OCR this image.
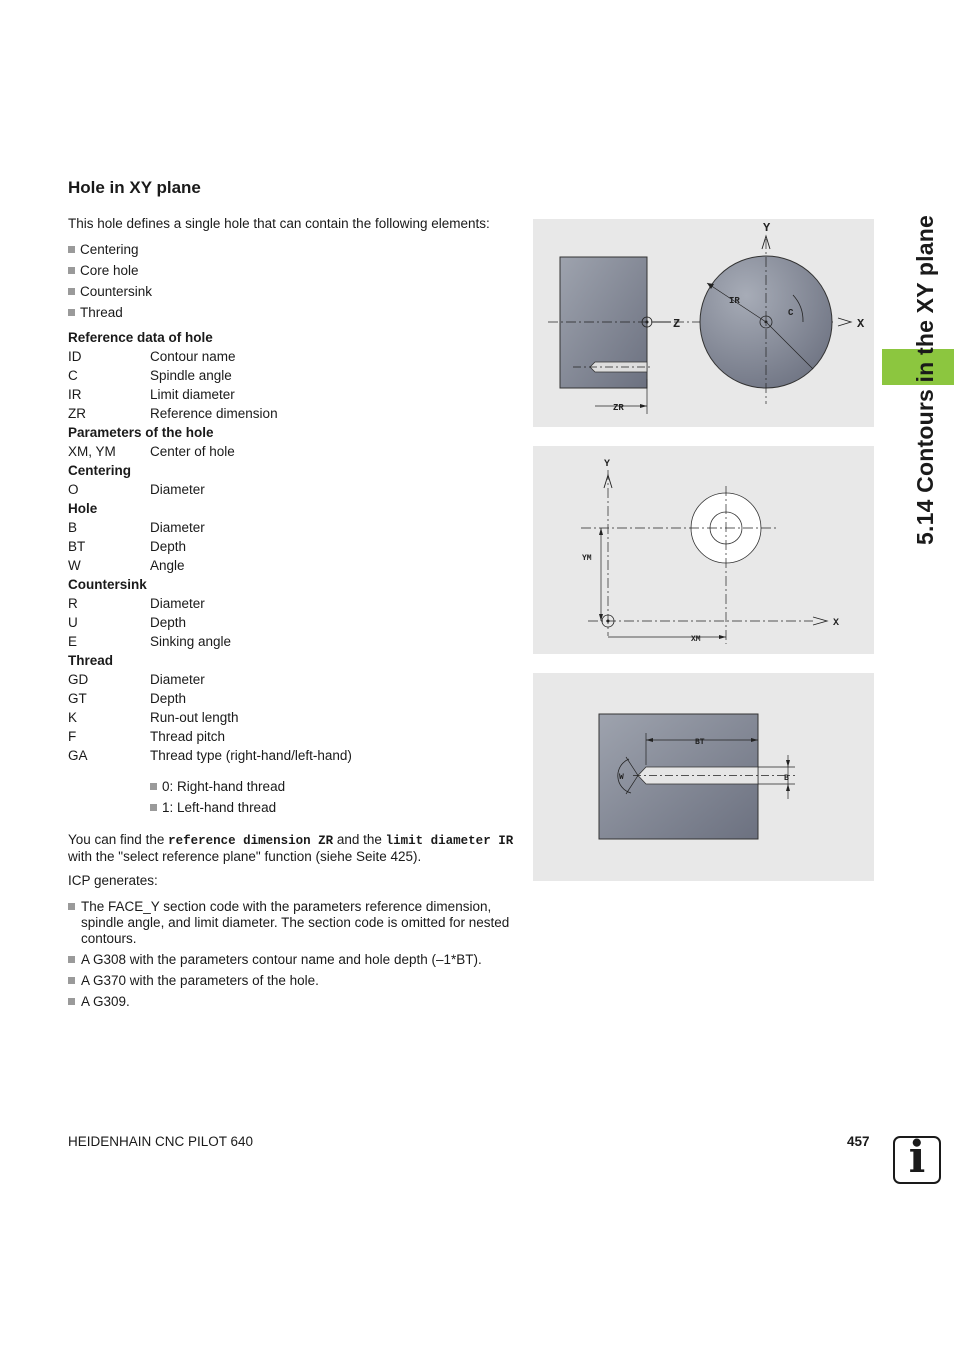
Hole in XY plane
This hole defines a single hole that can contain the following elements:
Centering
Core hole
Countersink
Thread
Reference data of hole
ID	Contour name
C	Spindle angle
IR	Limit diameter
ZR	Reference dimension
Parameters of the hole
XM, YM	Center of hole
Centering
O	Diameter
Hole
B	Diameter
BT	Depth
W	Angle
Countersink
R	Diameter
U	Depth
E	Sinking angle
Thread
GD	Diameter
GT	Depth
K	Run-out length
F	Thread pitch
GA	Thread type (right-hand/left-hand)
0: Right-hand thread
1: Left-hand thread
You can find the reference dimension ZR and the limit diameter IR
with the "select reference plane" function (siehe Seite 425).
ICP generates:
The FACE_Y section code with the parameters reference dimension, spindle angle, and limit diameter. The section code is omitted for nested contours.
A G308 with the parameters contour name and hole depth (–1*BT).
A G370 with the parameters of the hole.
A G309.
5.14 Contours in the XY plane
ZR
Z
Y
X
IR
C
Y
X
YM
XM
BT
B
W
HEIDENHAIN CNC PILOT 640	457 i
